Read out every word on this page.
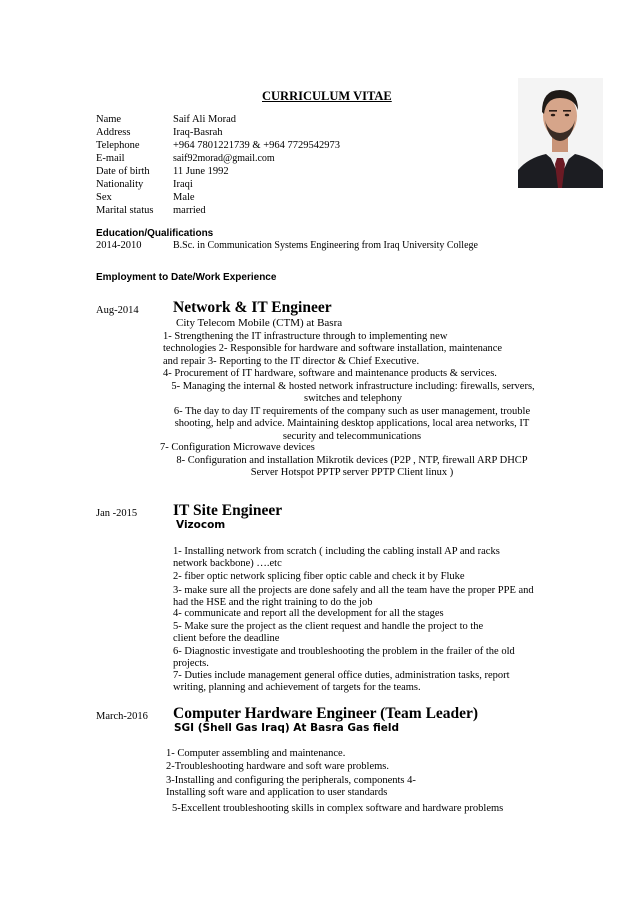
CURRICULUM VITAE
Name	Saif Ali Morad
Address	Iraq-Basrah
Telephone	+964 7801221739 & +964 7729542973
E-mail	saif92morad@gmail.com
Date of birth 11 June 1992
Nationality	Iraqi
Sex	Male
Marital status married
Education/Qualifications
2014-2010	B.Sc. in Communication Systems Engineering from Iraq University College
Employment to Date/Work Experience
Aug-2014 Network & IT Engineer
City Telecom Mobile (CTM) at Basra
1- Strengthening the IT infrastructure through to implementing new technologies 2- Responsible for hardware and software installation, maintenance and repair 3- Reporting to the IT director & Chief Executive.
4- Procurement of IT hardware, software and maintenance products & services.
5- Managing the internal & hosted network infrastructure including: firewalls, servers, switches and telephony
6- The day to day IT requirements of the company such as user management, trouble shooting, help and advice. Maintaining desktop applications, local area networks, IT security and telecommunications
7- Configuration Microwave devices
8- Configuration and installation Mikrotik devices (P2P , NTP, firewall ARP DHCP Server Hotspot PPTP server PPTP Client linux )
Jan -2015 IT Site Engineer
Vizocom
1- Installing network from scratch ( including the cabling install AP and racks network backbone) ….etc
2- fiber optic network splicing fiber optic cable and check it by Fluke
3- make sure all the projects are done safely and all the team have the proper PPE and had the HSE and the right training to do the job
4- communicate and report all the development for all the stages
5- Make sure the project as the client request and handle the project to the client before the deadline
6- Diagnostic investigate and troubleshooting the problem in the frailer of the old projects.
7- Duties include management general office duties, administration tasks, report writing, planning and achievement of targets for the teams.
March-2016 Computer Hardware Engineer (Team Leader)
SGI (Shell Gas Iraq) At Basra Gas field
1- Computer assembling and maintenance.
2-Troubleshooting hardware and soft ware problems.
3-Installing and configuring the peripherals, components 4-Installing soft ware and application to user standards
5-Excellent troubleshooting skills in complex software and hardware problems
